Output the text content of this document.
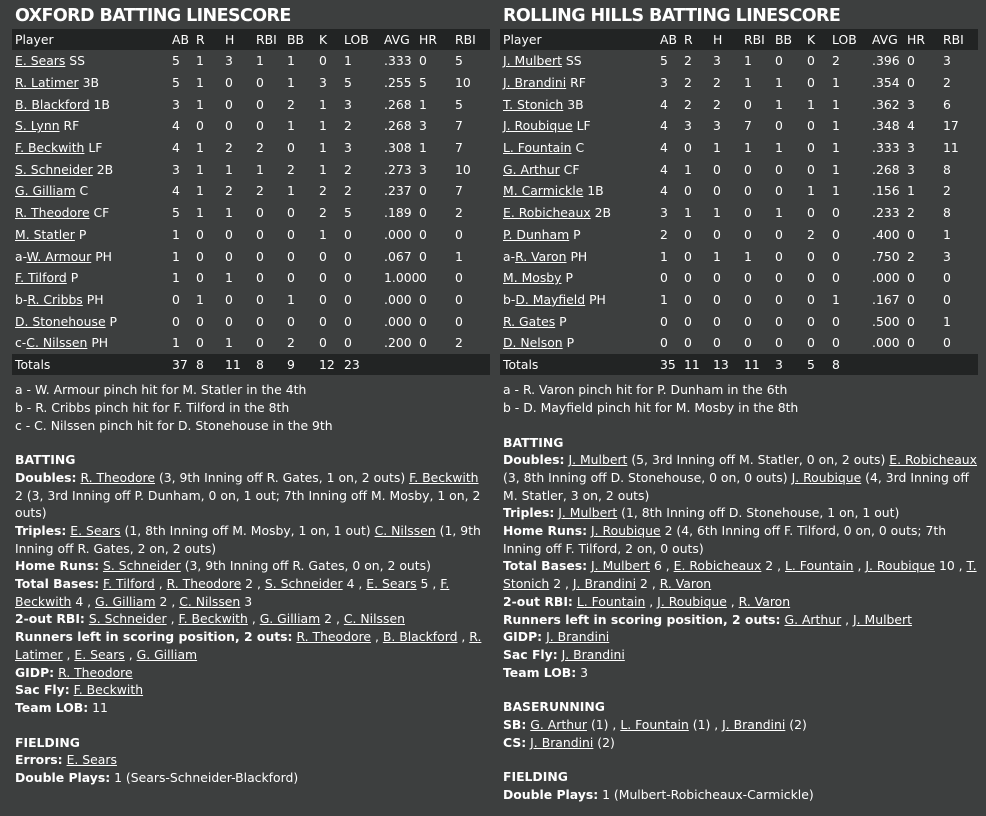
OXFORD BATTING LINESCORE
Player	AB	R	H	RBI	BB	K	LOB	AVG	HR	RBI
E. Sears SS	5	1	3	1	1	0	1	.333	0	5
R. Latimer 3B	5	1	0	0	1	3	5	.255	5	10
B. Blackford 1B	3	1	0	0	2	1	3	.268	1	5
S. Lynn RF	4	0	0	0	1	1	2	.268	3	7
F. Beckwith LF	4	1	2	2	0	1	3	.308	1	7
S. Schneider 2B	3	1	1	1	2	1	2	.273	3	10
G. Gilliam C	4	1	2	2	1	2	2	.237	0	7
R. Theodore CF	5	1	1	0	0	2	5	.189	0	2
M. Statler P	1	0	0	0	0	1	0	.000	0	0
a-W. Armour PH	1	0	0	0	0	0	0	.067	0	1
F. Tilford P	1	0	1	0	0	0	0	1.000	0	0
b-R. Cribbs PH	0	1	0	0	1	0	0	.000	0	0
D. Stonehouse P	0	0	0	0	0	0	0	.000	0	0
c-C. Nilssen PH	1	0	1	0	2	0	0	.200	0	2
Totals	37	8	11	8	9	12	23			
a - W. Armour pinch hit for M. Statler in the 4th
b - R. Cribbs pinch hit for F. Tilford in the 8th
c - C. Nilssen pinch hit for D. Stonehouse in the 9th
BATTING
Doubles: R. Theodore (3, 9th Inning off R. Gates, 1 on, 2 outs) F. Beckwith 2 (3, 3rd Inning off P. Dunham, 0 on, 1 out; 7th Inning off M. Mosby, 1 on, 2 outs)
Triples: E. Sears (1, 8th Inning off M. Mosby, 1 on, 1 out) C. Nilssen (1, 9th Inning off R. Gates, 2 on, 2 outs)
Home Runs: S. Schneider (3, 9th Inning off R. Gates, 0 on, 2 outs)
Total Bases: F. Tilford , R. Theodore 2 , S. Schneider 4 , E. Sears 5 , F. Beckwith 4 , G. Gilliam 2 , C. Nilssen 3
2-out RBI: S. Schneider , F. Beckwith , G. Gilliam 2 , C. Nilssen
Runners left in scoring position, 2 outs: R. Theodore , B. Blackford , R. Latimer , E. Sears , G. Gilliam
GIDP: R. Theodore
Sac Fly: F. Beckwith
Team LOB: 11
FIELDING
Errors: E. Sears
Double Plays: 1 (Sears-Schneider-Blackford)
ROLLING HILLS BATTING LINESCORE
Player	AB	R	H	RBI	BB	K	LOB	AVG	HR	RBI
J. Mulbert SS	5	2	3	1	0	0	2	.396	0	3
J. Brandini RF	3	2	2	1	1	0	1	.354	0	2
T. Stonich 3B	4	2	2	0	1	1	1	.362	3	6
J. Roubique LF	4	3	3	7	0	0	1	.348	4	17
L. Fountain C	4	0	1	1	1	0	1	.333	3	11
G. Arthur CF	4	1	0	0	0	0	1	.268	3	8
M. Carmickle 1B	4	0	0	0	0	1	1	.156	1	2
E. Robicheaux 2B	3	1	1	0	1	0	0	.233	2	8
P. Dunham P	2	0	0	0	0	2	0	.400	0	1
a-R. Varon PH	1	0	1	1	0	0	0	.750	2	3
M. Mosby P	0	0	0	0	0	0	0	.000	0	0
b-D. Mayfield PH	1	0	0	0	0	0	1	.167	0	0
R. Gates P	0	0	0	0	0	0	0	.500	0	1
D. Nelson P	0	0	0	0	0	0	0	.000	0	0
Totals	35	11	13	11	3	5	8			
a - R. Varon pinch hit for P. Dunham in the 6th
b - D. Mayfield pinch hit for M. Mosby in the 8th
BATTING
Doubles: J. Mulbert (5, 3rd Inning off M. Statler, 0 on, 2 outs) E. Robicheaux (3, 8th Inning off D. Stonehouse, 0 on, 0 outs) J. Roubique (4, 3rd Inning off M. Statler, 3 on, 2 outs)
Triples: J. Mulbert (1, 8th Inning off D. Stonehouse, 1 on, 1 out)
Home Runs: J. Roubique 2 (4, 6th Inning off F. Tilford, 0 on, 0 outs; 7th Inning off F. Tilford, 2 on, 0 outs)
Total Bases: J. Mulbert 6 , E. Robicheaux 2 , L. Fountain , J. Roubique 10 , T. Stonich 2 , J. Brandini 2 , R. Varon
2-out RBI: L. Fountain , J. Roubique , R. Varon
Runners left in scoring position, 2 outs: G. Arthur , J. Mulbert
GIDP: J. Brandini
Sac Fly: J. Brandini
Team LOB: 3
BASERUNNING
SB: G. Arthur (1) , L. Fountain (1) , J. Brandini (2)
CS: J. Brandini (2)
FIELDING
Double Plays: 1 (Mulbert-Robicheaux-Carmickle)
